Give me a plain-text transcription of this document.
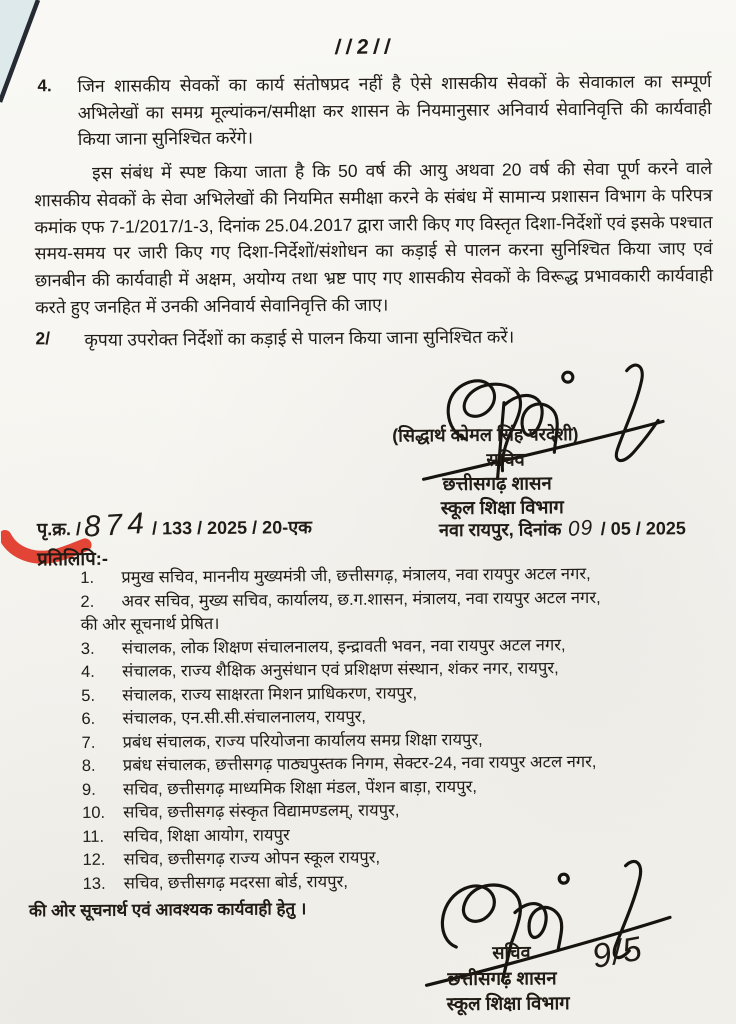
//2//
4. जिन शासकीय सेवकों का कार्य संतोषप्रद नहीं है ऐसे शासकीय सेवकों के सेवाकाल का सम्पूर्ण अभिलेखों का समग्र मूल्यांकन/समीक्षा कर शासन के नियमानुसार अनिवार्य सेवानिवृत्ति की कार्यवाही किया जाना सुनिश्चित करेंगे।
इस संबंध में स्पष्ट किया जाता है कि 50 वर्ष की आयु अथवा 20 वर्ष की सेवा पूर्ण करने वाले शासकीय सेवकों के सेवा अभिलेखों की नियमित समीक्षा करने के संबंध में सामान्य प्रशासन विभाग के परिपत्र कमांक एफ 7-1/2017/1-3, दिनांक 25.04.2017 द्वारा जारी किए गए विस्तृत दिशा-निर्देशों एवं इसके पश्चात समय-समय पर जारी किए गए दिशा-निर्देशों/संशोधन का कड़ाई से पालन करना सुनिश्चित किया जाए एवं छानबीन की कार्यवाही में अक्षम, अयोग्य तथा भ्रष्ट पाए गए शासकीय सेवकों के विरूद्ध प्रभावकारी कार्यवाही करते हुए जनहित में उनकी अनिवार्य सेवानिवृत्ति की जाए।
2/ कृपया उपरोक्त निर्देशों का कड़ाई से पालन किया जाना सुनिश्चित करें।
(सिद्धार्थ कोमल सिंह परदेशी)
सचिव
छत्तीसगढ़ शासन
स्कूल शिक्षा विभाग
नवा रायपुर, दिनांक 09 / 05 / 2025
पृ.क्र. / 874 / 133 / 2025 / 20-एक
प्रतिलिपि:-
1.	प्रमुख सचिव, माननीय मुख्यमंत्री जी, छत्तीसगढ़, मंत्रालय, नवा रायपुर अटल नगर,
2.	अवर सचिव, मुख्य सचिव, कार्यालय, छ.ग.शासन, मंत्रालय, नवा रायपुर अटल नगर,
की ओर सूचनार्थ प्रेषित।
3.	संचालक, लोक शिक्षण संचालनालय, इन्द्रावती भवन, नवा रायपुर अटल नगर,
4.	संचालक, राज्य शैक्षिक अनुसंधान एवं प्रशिक्षण संस्थान, शंकर नगर, रायपुर,
5.	संचालक, राज्य साक्षरता मिशन प्राधिकरण, रायपुर,
6.	संचालक, एन.सी.सी.संचालनालय, रायपुर,
7.	प्रबंध संचालक, राज्य परियोजना कार्यालय समग्र शिक्षा रायपुर,
8.	प्रबंध संचालक, छत्तीसगढ़ पाठ्यपुस्तक निगम, सेक्टर-24, नवा रायपुर अटल नगर,
9.	सचिव, छत्तीसगढ़ माध्यमिक शिक्षा मंडल, पेंशन बाड़ा, रायपुर,
10.	सचिव, छत्तीसगढ़ संस्कृत विद्यामण्डलम्, रायपुर,
11.	सचिव, शिक्षा आयोग, रायपुर
12.	सचिव, छत्तीसगढ़ राज्य ओपन स्कूल रायपुर,
13.	सचिव, छत्तीसगढ़ मदरसा बोर्ड, रायपुर,
की ओर सूचनार्थ एवं आवश्यक कार्यवाही हेतु ।
सचिव
छत्तीसगढ़ शासन
स्कूल शिक्षा विभाग
9/5
